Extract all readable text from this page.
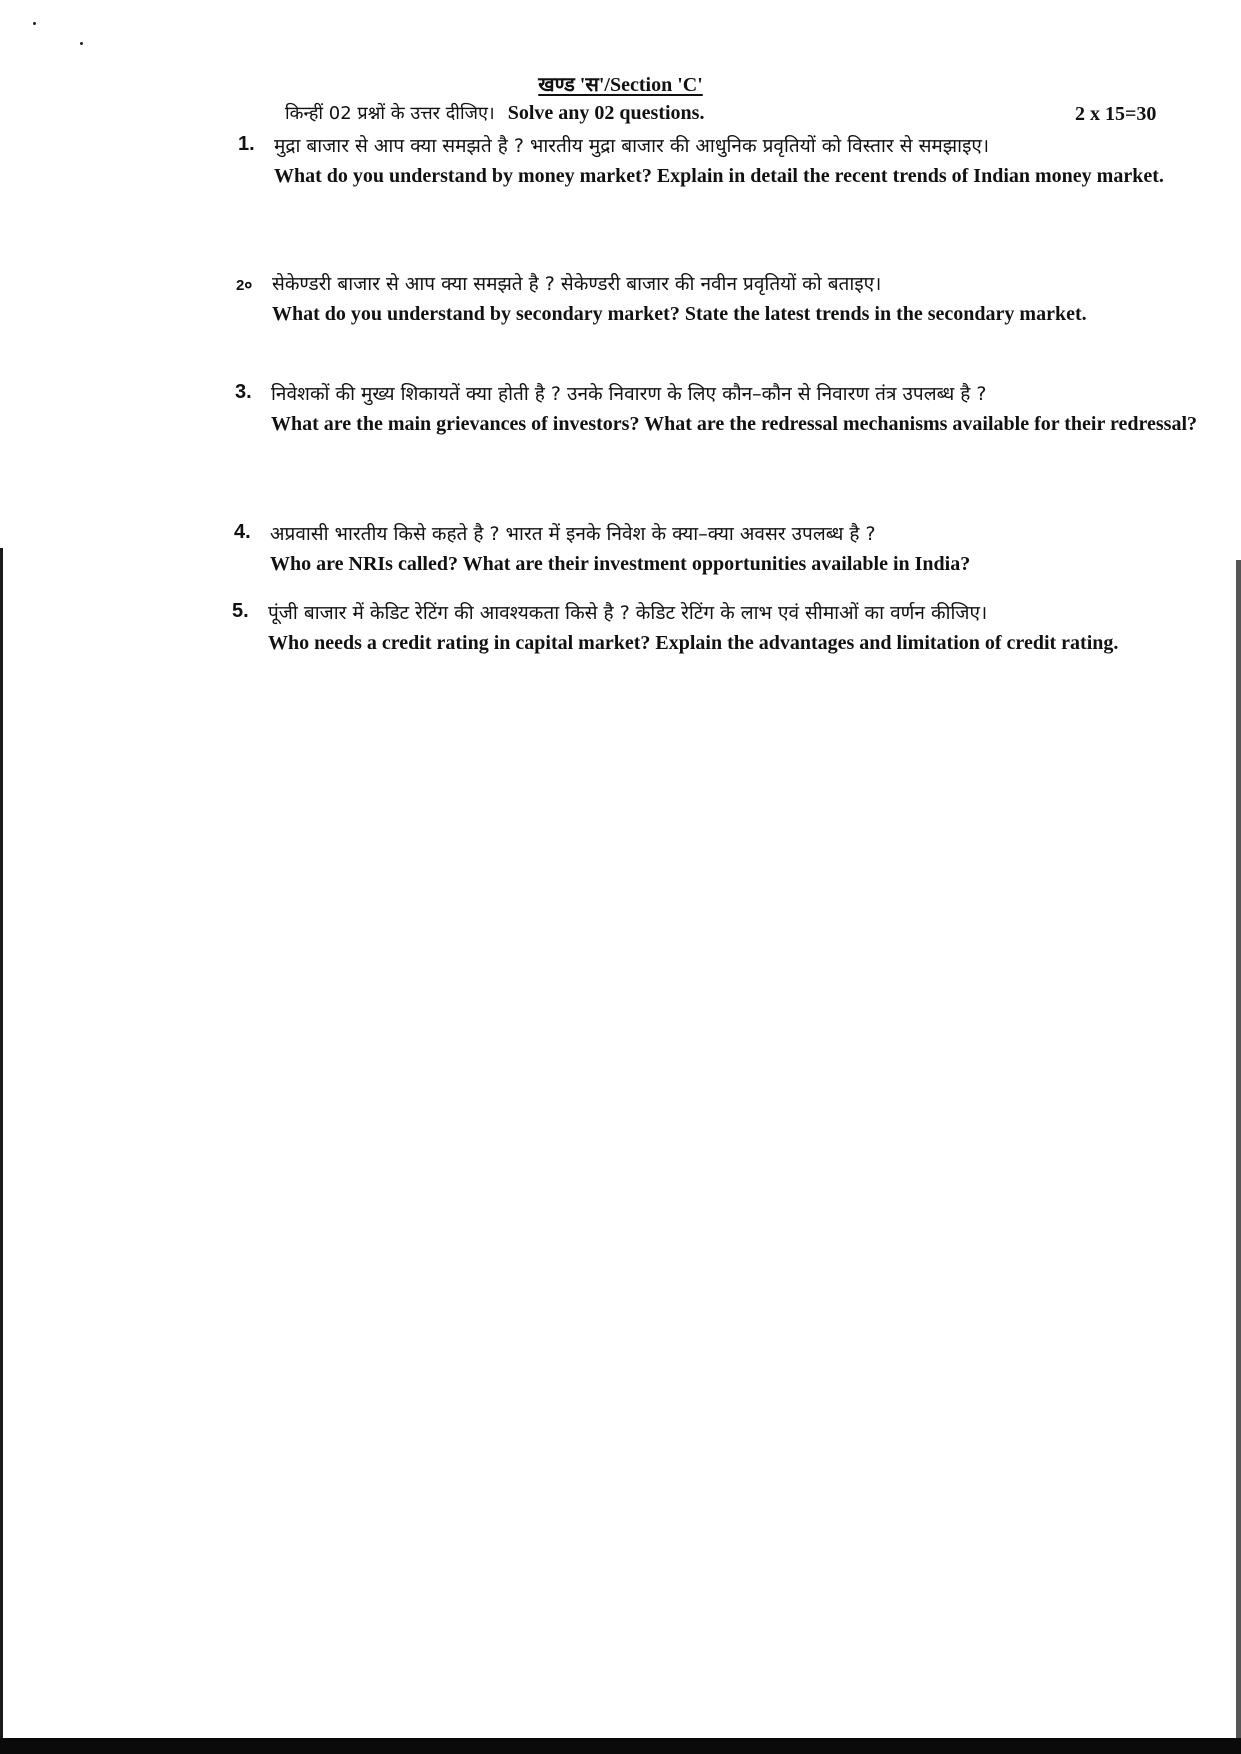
खण्ड 'स'/Section 'C'
किन्हीं 02 प्रश्नों के उत्तर दीजिए। Solve any 02 questions.	2 x 15=30
1. मुद्रा बाजार से आप क्या समझते है ? भारतीय मुद्रा बाजार की आधुनिक प्रवृतियों को विस्तार से समझाइए।

What do you understand by money market? Explain in detail the recent trends of Indian money market.

2० सेकेण्डरी बाजार से आप क्या समझते है ? सेकेण्डरी बाजार की नवीन प्रवृतियों को बताइए।

What do you understand by secondary market? State the latest trends in the secondary market.

3. निवेशकों की मुख्य शिकायतें क्या होती है ? उनके निवारण के लिए कौन–कौन से निवारण तंत्र उपलब्ध है ?

What are the main grievances of investors? What are the redressal mechanisms available for their redressal?

4. अप्रवासी भारतीय किसे कहते है ? भारत में इनके निवेश के क्या–क्या अवसर उपलब्ध है ?

Who are NRIs called? What are their investment opportunities available in India?

5. पूंजी बाजार में केडिट रेटिंग की आवश्यकता किसे है ? केडिट रेटिंग के लाभ एवं सीमाओं का वर्णन कीजिए।

Who needs a credit rating in capital market? Explain the advantages and limitation of credit rating.
